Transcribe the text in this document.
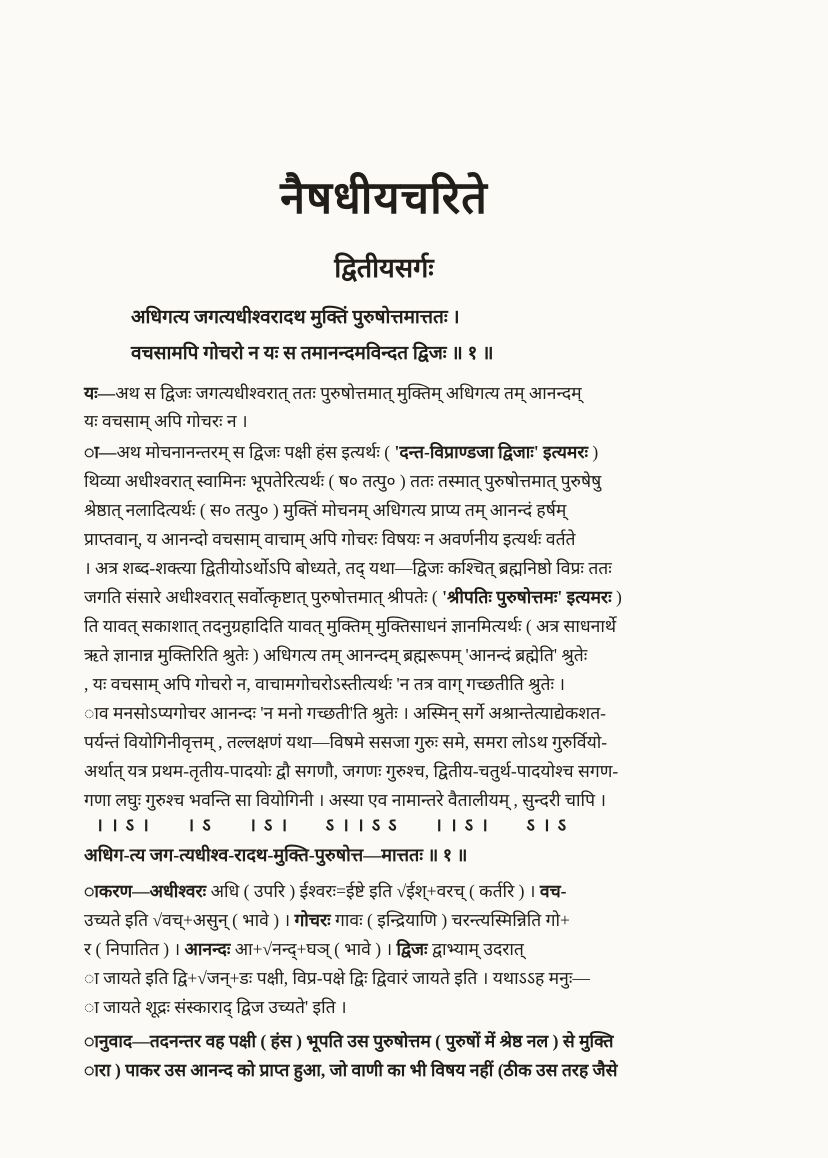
नैषधीयचरिते
द्वितीयसर्गः
अधिगत्य जगत्यधीश्वरादथ मुक्तिं पुरुषोत्तमात्ततः ।
वचसामपि गोचरो न यः स तमानन्दमविन्दत द्विजः ॥ १ ॥
यः—अथ स द्विजः जगत्यधीश्वरात् ततः पुरुषोत्तमात् मुक्तिम् अधिगत्य तम् आनन्दम्
यः वचसाम् अपि गोचरः न ।
ा—अथ मोचनानन्तरम् स द्विजः पक्षी हंस इत्यर्थः ( 'दन्त-विप्राण्डजा द्विजाः' इत्यमरः )
थिव्या अधीश्वरात् स्वामिनः भूपतेरित्यर्थः ( ष० तत्पु० ) ततः तस्मात् पुरुषोत्तमात् पुरुषेषु
श्रेष्ठात् नलादित्यर्थः ( स० तत्पु० ) मुक्तिं मोचनम् अधिगत्य प्राप्य तम् आनन्दं हर्षम्
प्राप्तवान्, य आनन्दो वचसाम् वाचाम् अपि गोचरः विषयः न अवर्णनीय इत्यर्थः वर्तते
। अत्र शब्द-शक्त्या द्वितीयोऽर्थोऽपि बोध्यते, तद् यथा—द्विजः कश्चित् ब्रह्मनिष्ठो विप्रः ततः
जगति संसारे अधीश्वरात् सर्वोत्कृष्टात् पुरुषोत्तमात् श्रीपतेः ( 'श्रीपतिः पुरुषोत्तमः' इत्यमरः )
ति यावत् सकाशात् तदनुग्रहादिति यावत् मुक्तिम् मुक्तिसाधनं ज्ञानमित्यर्थः ( अत्र साधनार्थे
ऋते ज्ञानान्न मुक्तिरिति श्रुतेः ) अधिगत्य तम् आनन्दम् ब्रह्मरूपम् 'आनन्दं ब्रह्मेति' श्रुतेः
, यः वचसाम् अपि गोचरो न, वाचामगोचरोऽस्तीत्यर्थः 'न तत्र वाग् गच्छतीति श्रुतेः ।
ाव मनसोऽप्यगोचर आनन्दः 'न मनो गच्छती'ति श्रुतेः । अस्मिन् सर्गे अश्रान्तेत्याद्येकशत-
पर्यन्तं वियोगिनीवृत्तम् , तल्लक्षणं यथा—विषमे ससजा गुरुः समे, समरा लोऽथ गुरुर्वियो-
अर्थात् यत्र प्रथम-तृतीय-पादयोः द्वौ सगणौ, जगणः गुरुश्च, द्वितीय-चतुर्थ-पादयोश्च सगण-
गणा लघुः गुरुश्च भवन्ति सा वियोगिनी । अस्या एव नामान्तरे वैतालीयम् , सुन्दरी चापि ।
।।ऽ। ।ऽ ।ऽ। ऽ।।ऽऽ ।।ऽ। ऽ।ऽ
अधिग-त्य जग-त्यधीश्व-रादथ-मुक्ति-पुरुषोत्त—मात्ततः ॥ १ ॥
ाकरण—अधीश्वरः अधि ( उपरि ) ईश्वरः=ईष्टे इति √ईश्+वरच् ( कर्तरि ) । वच-
उच्यते इति √वच्+असुन् ( भावे ) । गोचरः गावः ( इन्द्रियाणि ) चरन्त्यस्मिन्निति गो+
र ( निपातित ) । आनन्दः आ+√नन्द्+घञ् ( भावे ) । द्विजः द्वाभ्याम् उदरात्
ा जायते इति द्वि+√जन्+डः पक्षी, विप्र-पक्षे द्विः द्विवारं जायते इति । यथाऽऽह मनुः—
ा जायते शूद्रः संस्काराद् द्विज उच्यते' इति ।
ानुवाद—तदनन्तर वह पक्षी ( हंस ) भूपति उस पुरुषोत्तम ( पुरुषों में श्रेष्ठ नल ) से मुक्ति
ारा ) पाकर उस आनन्द को प्राप्त हुआ, जो वाणी का भी विषय नहीं (ठीक उस तरह जैसे
